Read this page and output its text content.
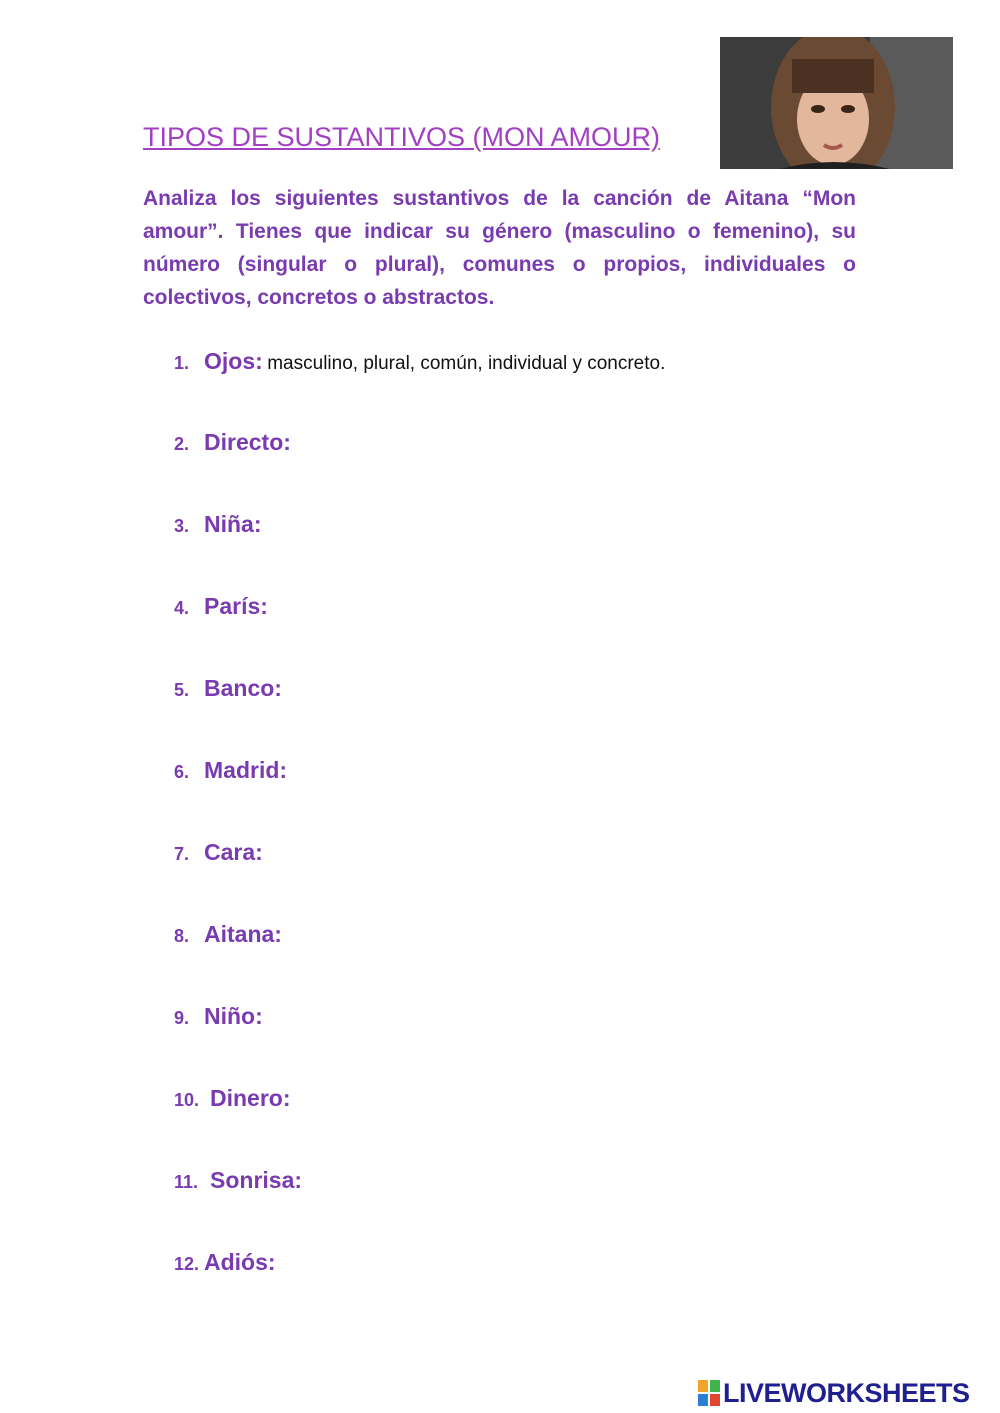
TIPOS DE SUSTANTIVOS (MON AMOUR)
Analiza los siguientes sustantivos de la canción de Aitana “Mon amour”. Tienes que indicar su género (masculino o femenino), su número (singular o plural), comunes o propios, individuales o colectivos, concretos o abstractos.
1. Ojos: masculino, plural, común, individual y concreto.
2. Directo:
3. Niña:
4. París:
5. Banco:
6. Madrid:
7. Cara:
8. Aitana:
9. Niño:
10. Dinero:
11. Sonrisa:
12. Adiós:
LIVEWORKSHEETS
